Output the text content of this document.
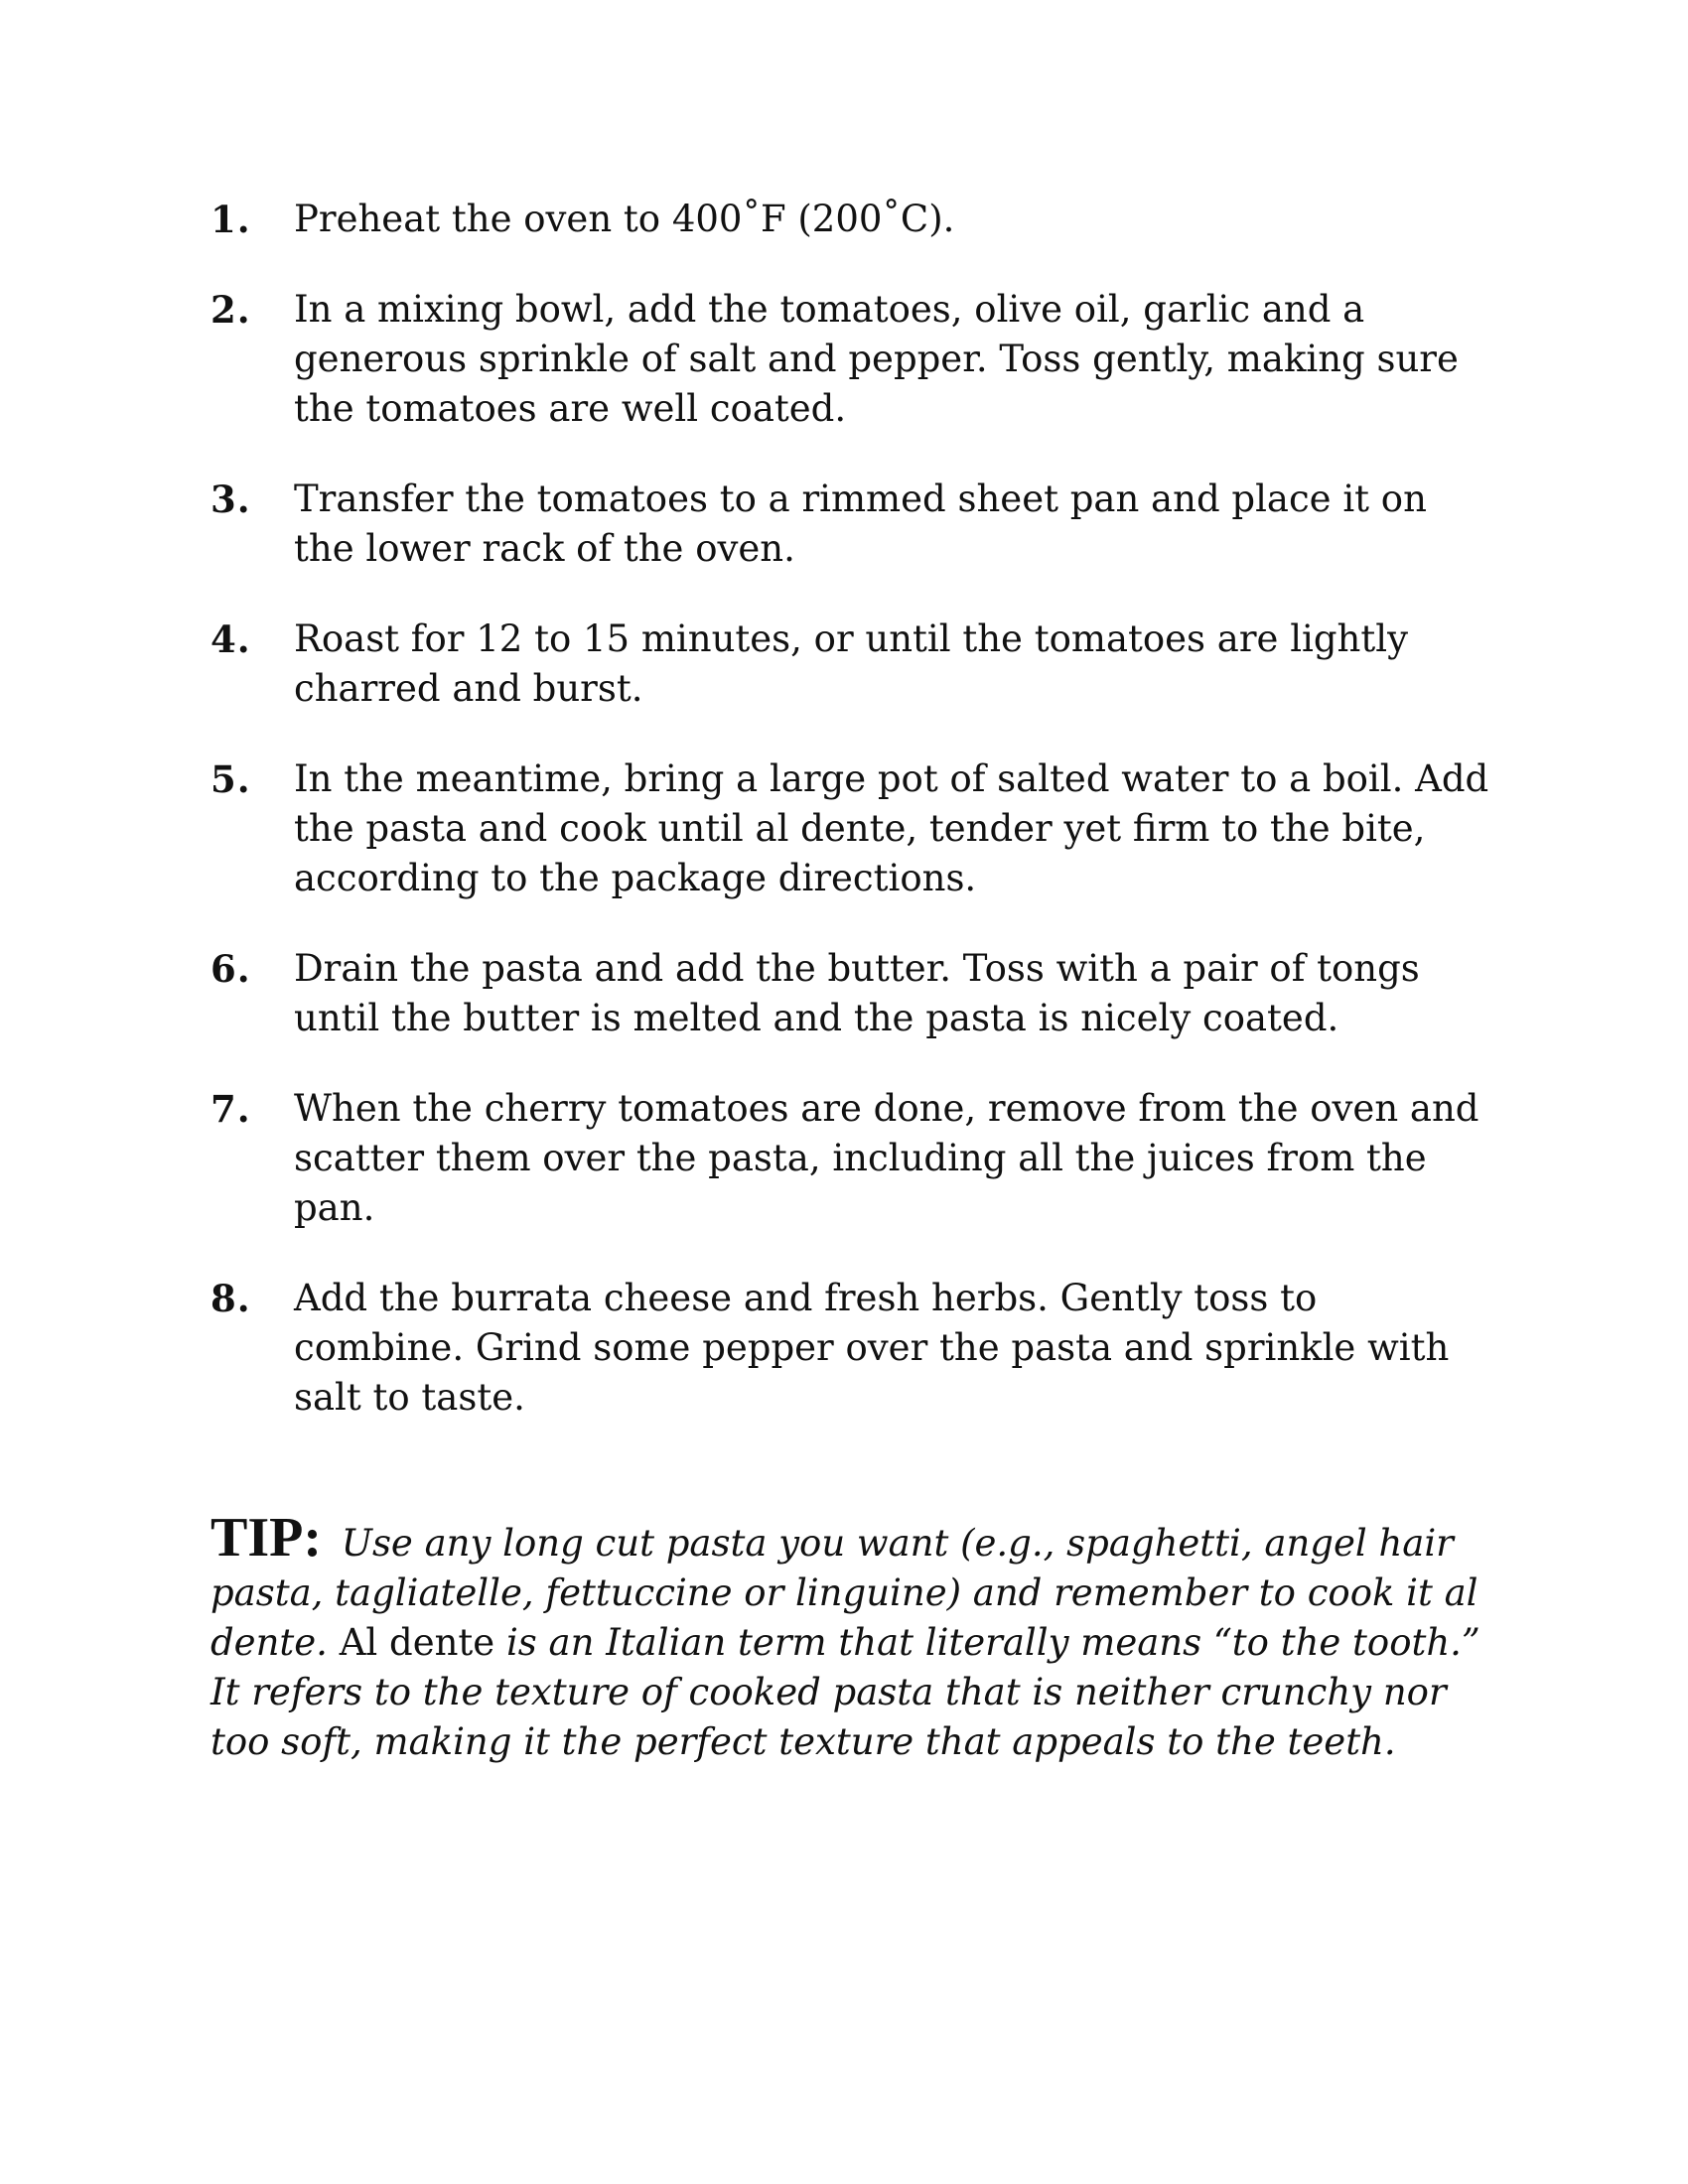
1.	Preheat the oven to 400˚F (200˚C).
2.	In a mixing bowl, add the tomatoes, olive oil, garlic and a generous sprinkle of salt and pepper. Toss gently, making sure the tomatoes are well coated.
3.	Transfer the tomatoes to a rimmed sheet pan and place it on the lower rack of the oven.
4.	Roast for 12 to 15 minutes, or until the tomatoes are lightly charred and burst.
5.	In the meantime, bring a large pot of salted water to a boil. Add the pasta and cook until al dente, tender yet firm to the bite, according to the package directions.
6.	Drain the pasta and add the butter. Toss with a pair of tongs until the butter is melted and the pasta is nicely coated.
7.	When the cherry tomatoes are done, remove from the oven and scatter them over the pasta, including all the juices from the pan.
8.	Add the burrata cheese and fresh herbs. Gently toss to combine. Grind some pepper over the pasta and sprinkle with salt to taste.

TIP: Use any long cut pasta you want (e.g., spaghetti, angel hair pasta, tagliatelle, fettuccine or linguine) and remember to cook it al dente. Al dente is an Italian term that literally means “to the tooth.” It refers to the texture of cooked pasta that is neither crunchy nor too soft, making it the perfect texture that appeals to the teeth.
